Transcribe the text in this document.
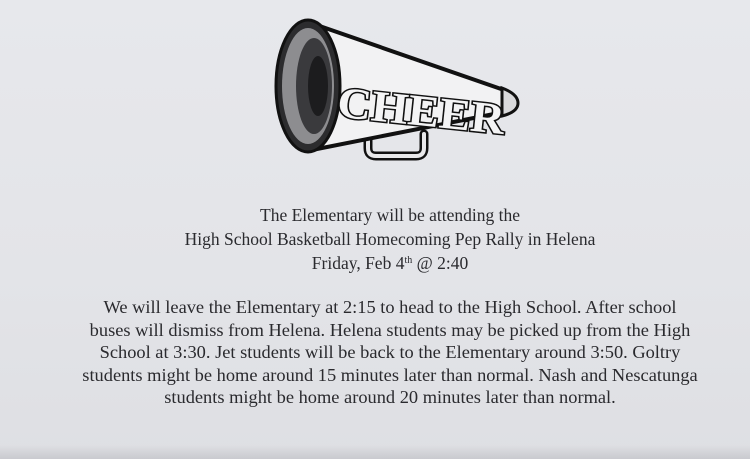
CHEER
The Elementary will be attending the
High School Basketball Homecoming Pep Rally in Helena
Friday, Feb 4th @ 2:40
We will leave the Elementary at 2:15 to head to the High School. After school
buses will dismiss from Helena. Helena students may be picked up from the High
School at 3:30. Jet students will be back to the Elementary around 3:50. Goltry
students might be home around 15 minutes later than normal. Nash and Nescatunga
students might be home around 20 minutes later than normal.
